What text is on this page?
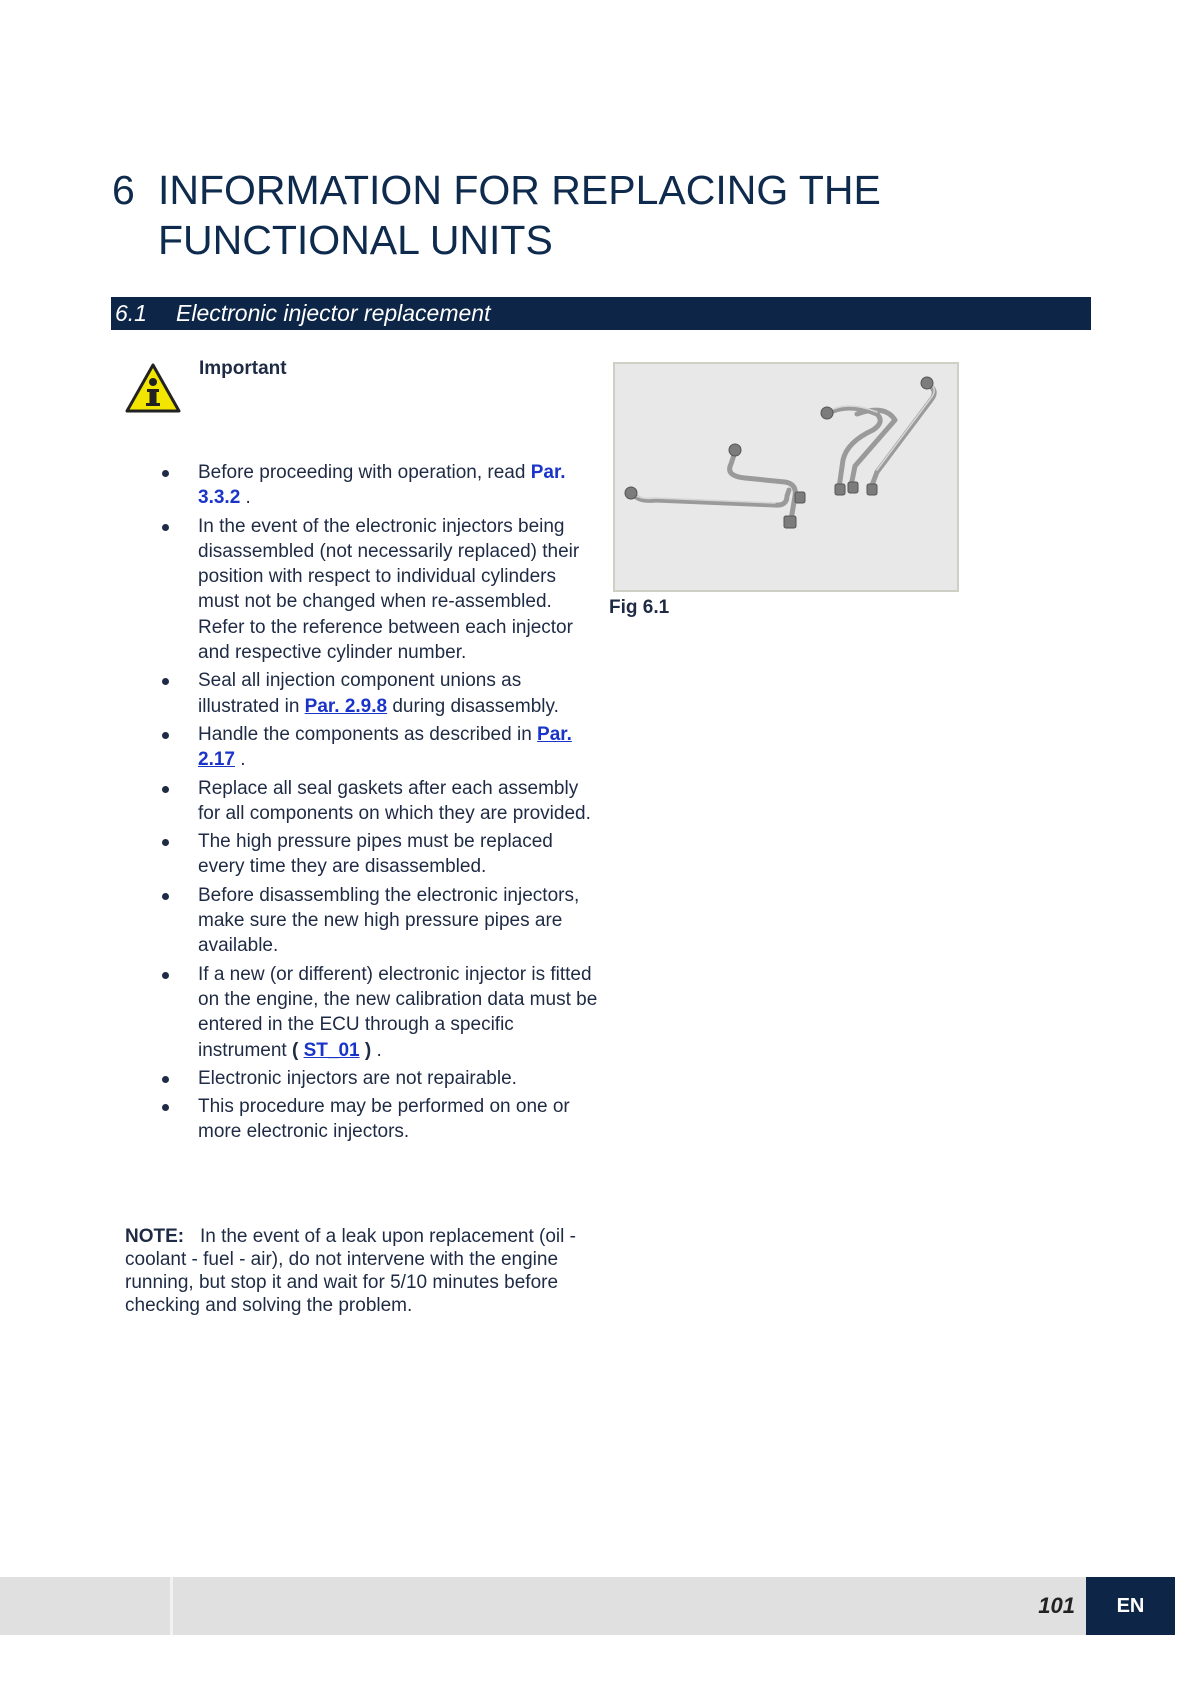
6 INFORMATION FOR REPLACING THE FUNCTIONAL UNITS
6.1	Electronic injector replacement
Important
Before proceeding with operation, read Par. 3.3.2 .
In the event of the electronic injectors being disassembled (not necessarily replaced) their position with respect to individual cylinders must not be changed when re-assembled. Refer to the reference between each injector and respective cylinder number.
Seal all injection component unions as illustrated in Par. 2.9.8 during disassembly.
Handle the components as described in Par. 2.17 .
Replace all seal gaskets after each assembly for all components on which they are provided.
The high pressure pipes must be replaced every time they are disassembled.
Before disassembling the electronic injectors, make sure the new high pressure pipes are available.
If a new (or different) electronic injector is fitted on the engine, the new calibration data must be entered in the ECU through a specific instrument ( ST_01 ) .
Electronic injectors are not repairable.
This procedure may be performed on one or more electronic injectors.
NOTE: In the event of a leak upon replacement (oil - coolant - fuel - air), do not intervene with the engine running, but stop it and wait for 5/10 minutes before checking and solving the problem.
Fig 6.1
101	EN
